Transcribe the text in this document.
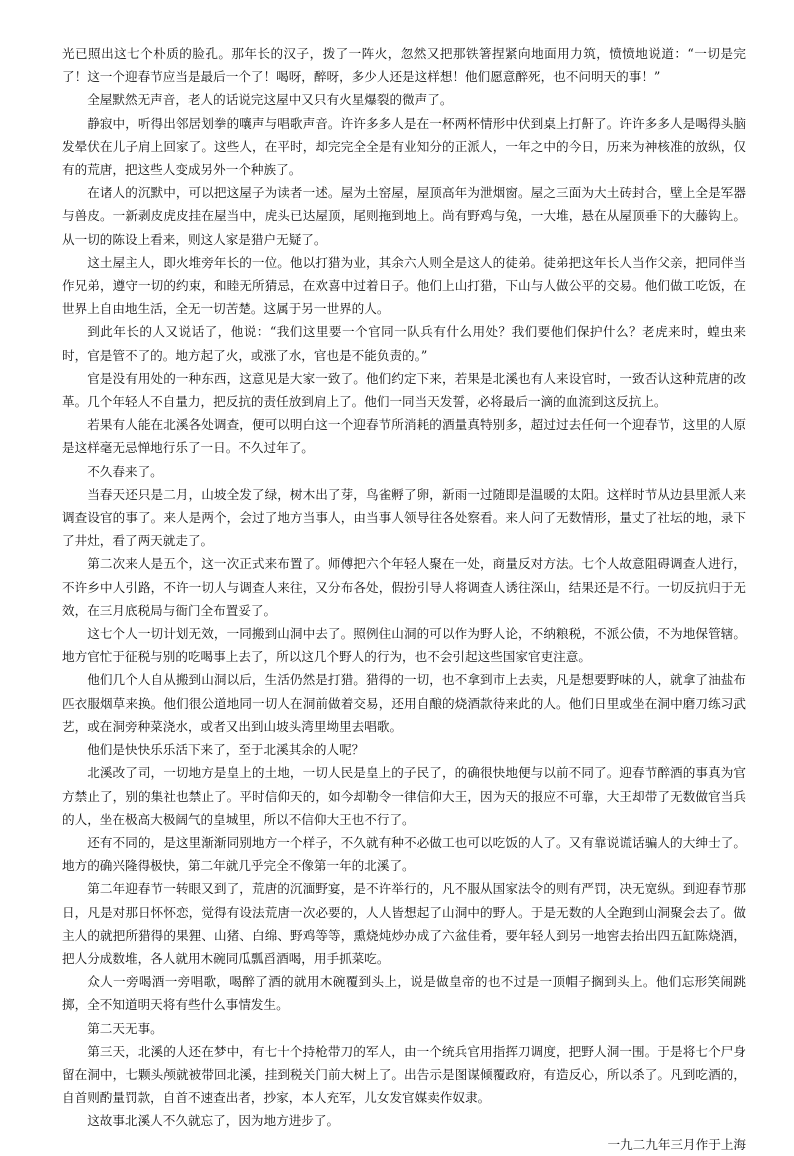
光已照出这七个朴质的脸孔。那年长的汉子，拨了一阵火，忽然又把那铁箸捏紧向地面用力筑，愤愤地说道：“一切是完了！这一个迎春节应当是最后一个了！喝呀，醉呀，多少人还是这样想！他们愿意醉死，也不问明天的事！”

全屋默然无声音，老人的话说完这屋中又只有火星爆裂的微声了。

静寂中，听得出邻居划拳的嚷声与唱歌声音。许许多多人是在一杯两杯情形中伏到桌上打鼾了。许许多多人是喝得头脑发晕伏在儿子肩上回家了。这些人，在平时，却完完全全是有业知分的正派人，一年之中的今日，历来为神核准的放纵，仅有的荒唐，把这些人变成另外一个种族了。

在诸人的沉默中，可以把这屋子为读者一述。屋为土窑屋，屋顶高年为泄烟窗。屋之三面为大土砖封合，壁上全是军器与兽皮。一新剥皮虎皮挂在屋当中，虎头已达屋顶，尾则拖到地上。尚有野鸡与兔，一大堆，悬在从屋顶垂下的大藤钩上。从一切的陈设上看来，则这人家是猎户无疑了。

这土屋主人，即火堆旁年长的一位。他以打猎为业，其余六人则全是这人的徒弟。徒弟把这年长人当作父亲，把同伴当作兄弟，遵守一切的约束，和睦无所猜忌，在欢喜中过着日子。他们上山打猎，下山与人做公平的交易。他们做工吃饭，在世界上自由地生活，全无一切苦楚。这属于另一世界的人。

到此年长的人又说话了，他说：“我们这里要一个官同一队兵有什么用处？我们要他们保护什么？老虎来时，蝗虫来时，官是管不了的。地方起了火，或涨了水，官也是不能负责的。”

官是没有用处的一种东西，这意见是大家一致了。他们约定下来，若果是北溪也有人来设官时，一致否认这种荒唐的改革。几个年轻人不自量力，把反抗的责任放到肩上了。他们一同当天发誓，必将最后一滴的血流到这反抗上。

若果有人能在北溪各处调查，便可以明白这一个迎春节所消耗的酒量真特别多，超过过去任何一个迎春节，这里的人原是这样毫无忌惮地行乐了一日。不久过年了。

不久春来了。

当春天还只是二月，山坡全发了绿，树木出了芽，鸟雀孵了卵，新雨一过随即是温暖的太阳。这样时节从边县里派人来调查设官的事了。来人是两个，会过了地方当事人，由当事人领导往各处察看。来人问了无数情形，量丈了社坛的地，录下了井灶，看了两天就走了。

第二次来人是五个，这一次正式来布置了。师傅把六个年轻人聚在一处，商量反对方法。七个人故意阻碍调查人进行，不许乡中人引路，不许一切人与调查人来往，又分布各处，假扮引导人将调查人诱往深山，结果还是不行。一切反抗归于无效，在三月底税局与衙门全布置妥了。

这七个人一切计划无效，一同搬到山洞中去了。照例住山洞的可以作为野人论，不纳粮税，不派公债，不为地保管辖。地方官忙于征税与别的吃喝事上去了，所以这几个野人的行为，也不会引起这些国家官吏注意。

他们几个人自从搬到山洞以后，生活仍然是打猎。猎得的一切，也不拿到市上去卖，凡是想要野味的人，就拿了油盐布匹衣服烟草来换。他们很公道地同一切人在洞前做着交易，还用自酿的烧酒款待来此的人。他们日里或坐在洞中磨刀练习武艺，或在洞旁种菜浇水，或者又出到山坡头湾里坳里去唱歌。

他们是快快乐乐活下来了，至于北溪其余的人呢？

北溪改了司，一切地方是皇上的土地，一切人民是皇上的子民了，的确很快地便与以前不同了。迎春节醉酒的事真为官方禁止了，别的集社也禁止了。平时信仰天的，如今却勒令一律信仰大王，因为天的报应不可靠，大王却带了无数做官当兵的人，坐在极高大极阔气的皇城里，所以不信仰大王也不行了。

还有不同的，是这里渐渐同别地方一个样子，不久就有种不必做工也可以吃饭的人了。又有靠说谎话骗人的大绅士了。地方的确兴隆得极快，第二年就几乎完全不像第一年的北溪了。

第二年迎春节一转眼又到了，荒唐的沉湎野宴，是不许举行的，凡不服从国家法令的则有严罚，决无宽纵。到迎春节那日，凡是对那日怀怀恋，觉得有设法荒唐一次必要的，人人皆想起了山洞中的野人。于是无数的人全跑到山洞聚会去了。做主人的就把所猎得的果狸、山猪、白绵、野鸡等等，熏烧炖炒办成了六盆佳肴，要年轻人到另一地窖去抬出四五缸陈烧酒，把人分成数堆，各人就用木碗同瓜瓢舀酒喝，用手抓菜吃。

众人一旁喝酒一旁唱歌，喝醉了酒的就用木碗覆到头上，说是做皇帝的也不过是一顶帽子搁到头上。他们忘形笑闹跳掷，全不知道明天将有些什么事情发生。

第二天无事。

第三天，北溪的人还在梦中，有七十个持枪带刀的军人，由一个统兵官用指挥刀调度，把野人洞一围。于是将七个尸身留在洞中，七颗头颅就被带回北溪，挂到税关门前大树上了。出告示是图谋倾覆政府，有造反心，所以杀了。凡到吃酒的，自首则酌量罚款，自首不速查出者，抄家，本人充军，儿女发官媒卖作奴隶。

这故事北溪人不久就忘了，因为地方进步了。

一九二九年三月作于上海
